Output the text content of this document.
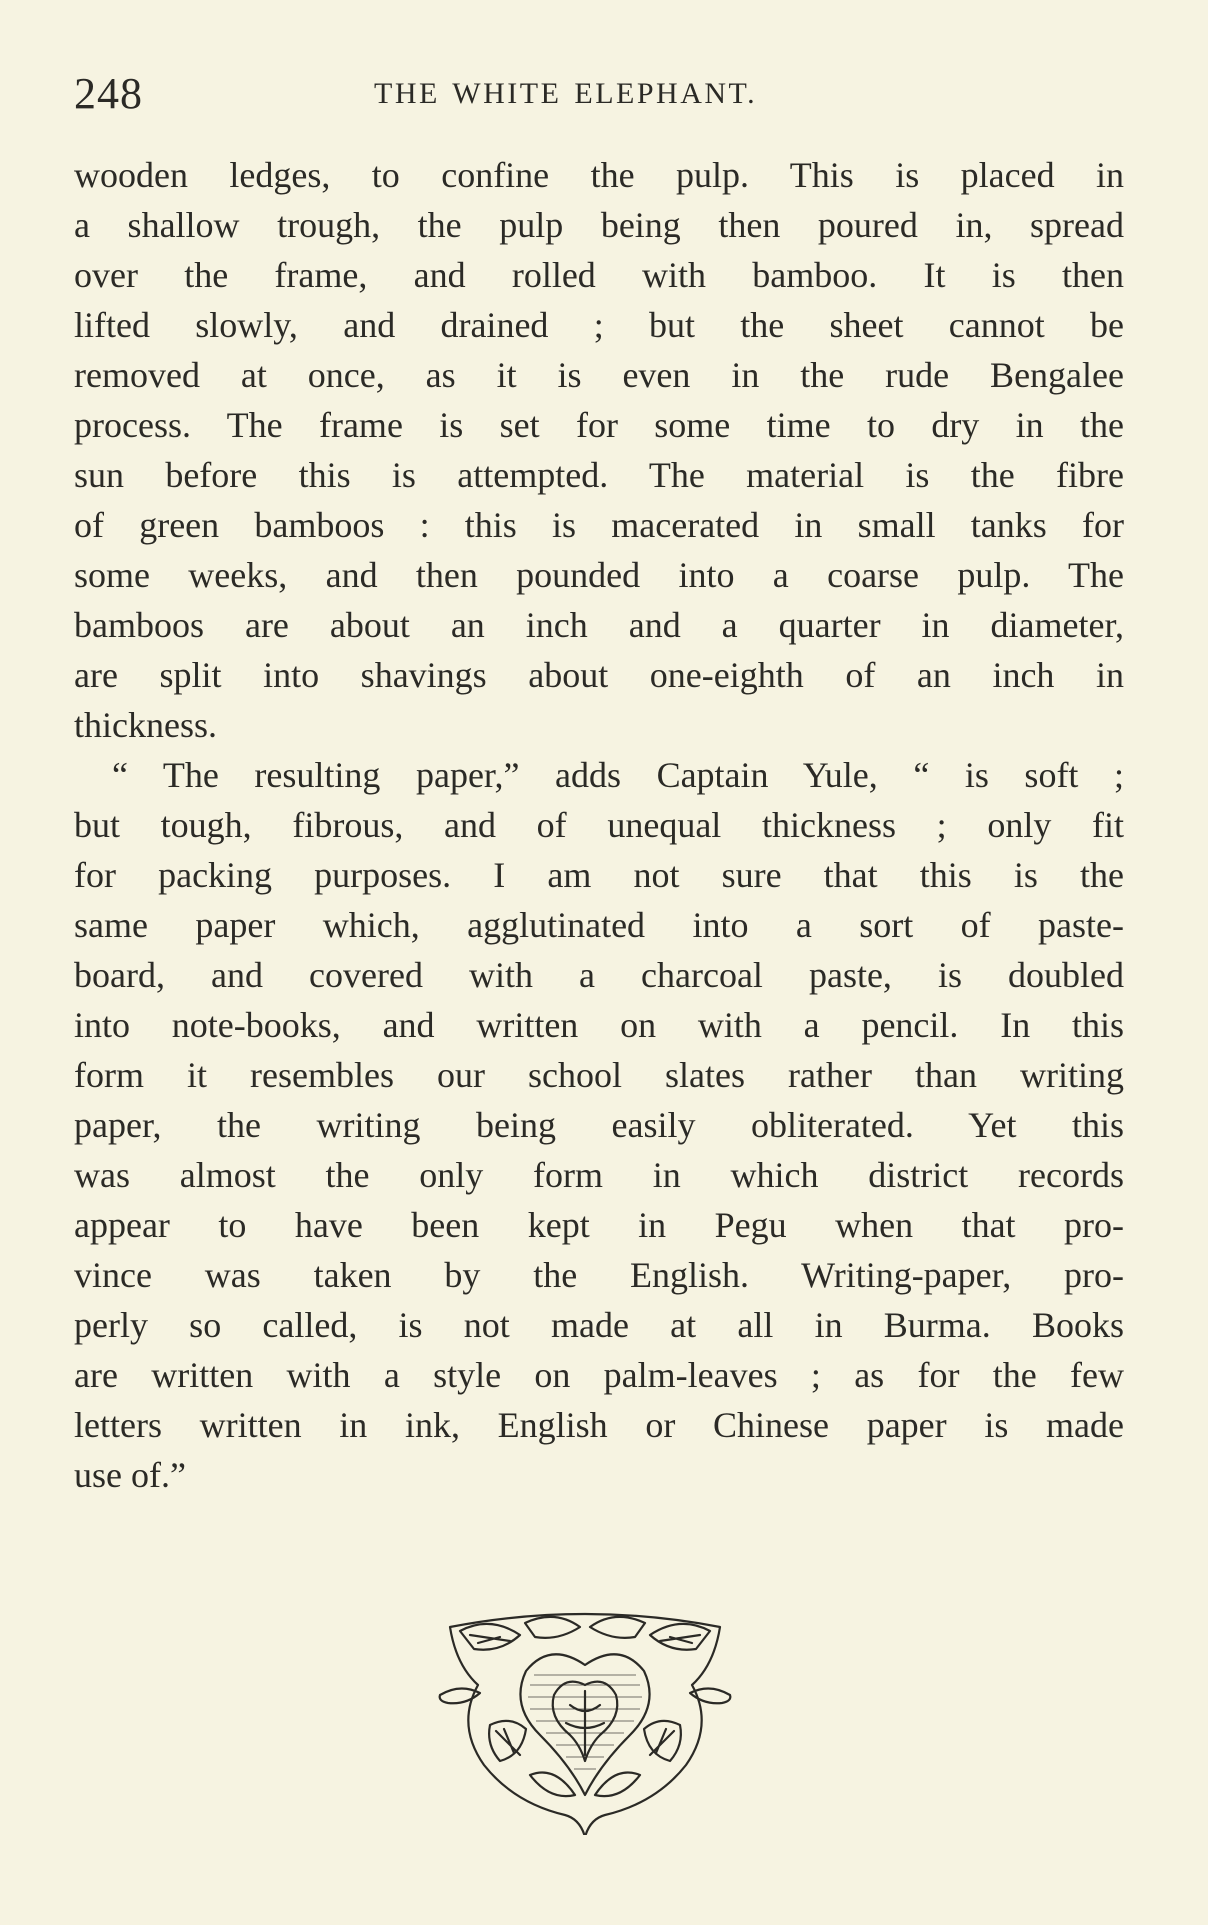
248	THE WHITE ELEPHANT.
wooden ledges, to confine the pulp. This is placed in
a shallow trough, the pulp being then poured in, spread
over the frame, and rolled with bamboo. It is then
lifted slowly, and drained ; but the sheet cannot be
removed at once, as it is even in the rude Bengalee
process. The frame is set for some time to dry in the
sun before this is attempted. The material is the fibre
of green bamboos : this is macerated in small tanks for
some weeks, and then pounded into a coarse pulp. The
bamboos are about an inch and a quarter in diameter,
are split into shavings about one-eighth of an inch in
thickness.
“ The resulting paper,” adds Captain Yule, “ is soft ;
but tough, fibrous, and of unequal thickness ; only fit
for packing purposes. I am not sure that this is the
same paper which, agglutinated into a sort of paste-
board, and covered with a charcoal paste, is doubled
into note-books, and written on with a pencil. In this
form it resembles our school slates rather than writing
paper, the writing being easily obliterated. Yet this
was almost the only form in which district records
appear to have been kept in Pegu when that pro-
vince was taken by the English. Writing-paper, pro-
perly so called, is not made at all in Burma. Books
are written with a style on palm-leaves ; as for the few
letters written in ink, English or Chinese paper is made
use of.”
